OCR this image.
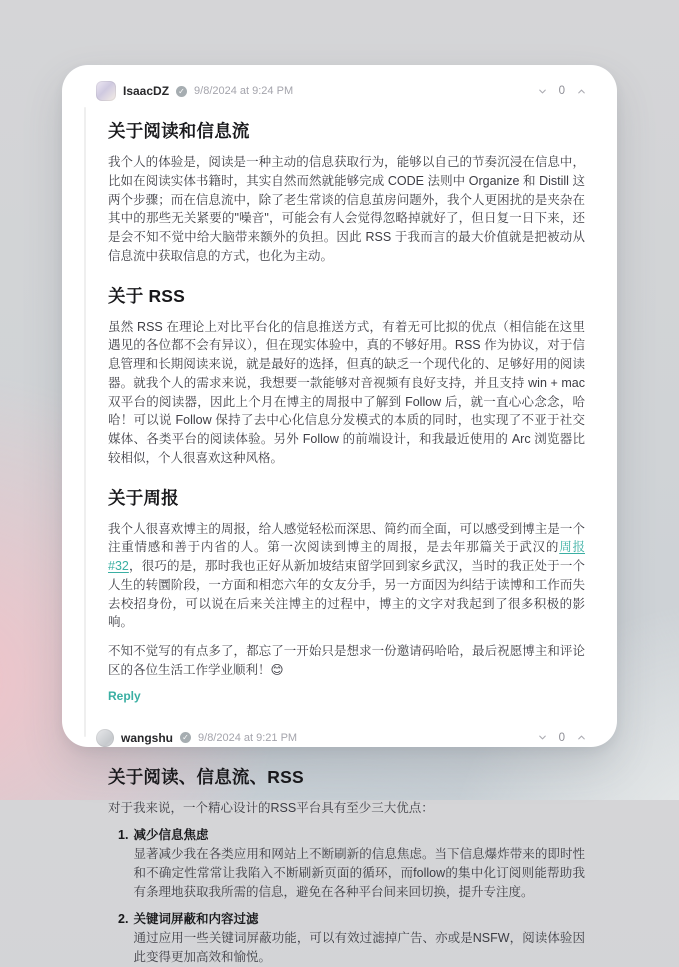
IsaacDZ ✓ 9/8/2024 at 9:24 PM	0
关于阅读和信息流

我个人的体验是，阅读是一种主动的信息获取行为，能够以自己的节奏沉浸在信息中，比如在阅读实体书籍时，其实自然而然就能够完成 CODE 法则中 Organize 和 Distill 这两个步骤；而在信息流中，除了老生常谈的信息茧房问题外，我个人更困扰的是夹杂在其中的那些无关紧要的"噪音"，可能会有人会觉得忽略掉就好了，但日复一日下来，还是会不知不觉中给大脑带来额外的负担。因此 RSS 于我而言的最大价值就是把被动从信息流中获取信息的方式，也化为主动。

关于 RSS

虽然 RSS 在理论上对比平台化的信息推送方式，有着无可比拟的优点（相信能在这里遇见的各位都不会有异议），但在现实体验中，真的不够好用。RSS 作为协议，对于信息管理和长期阅读来说，就是最好的选择，但真的缺乏一个现代化的、足够好用的阅读器。就我个人的需求来说，我想要一款能够对音视频有良好支持，并且支持 win + mac 双平台的阅读器，因此上个月在博主的周报中了解到 Follow 后，就一直心心念念，哈哈！可以说 Follow 保持了去中心化信息分发模式的本质的同时，也实现了不亚于社交媒体、各类平台的阅读体验。另外 Follow 的前端设计，和我最近使用的 Arc 浏览器比较相似，个人很喜欢这种风格。

关于周报

我个人很喜欢博主的周报，给人感觉轻松而深思、简约而全面，可以感受到博主是一个注重情感和善于内省的人。第一次阅读到博主的周报，是去年那篇关于武汉的周报#32，很巧的是，那时我也正好从新加坡结束留学回到家乡武汉，当时的我正处于一个人生的转圜阶段，一方面和相恋六年的女友分手，另一方面因为纠结于读博和工作而失去校招身份，可以说在后来关注博主的过程中，博主的文字对我起到了很多积极的影响。

不知不觉写的有点多了，都忘了一开始只是想求一份邀请码哈哈，最后祝愿博主和评论区的各位生活工作学业顺利！😊

Reply
wangshu ✓ 9/8/2024 at 9:21 PM	0
关于阅读、信息流、RSS

对于我来说，一个精心设计的RSS平台具有至少三大优点：

1. 减少信息焦虑
显著减少我在各类应用和网站上不断刷新的信息焦虑。当下信息爆炸带来的即时性和不确定性常常让我陷入不断刷新页面的循环，而follow的集中化订阅则能帮助我有条理地获取我所需的信息，避免在各种平台间来回切换，提升专注度。
2. 关键词屏蔽和内容过滤
通过应用一些关键词屏蔽功能，可以有效过滤掉广告、亦或是NSFW，阅读体验因此变得更加高效和愉悦。
